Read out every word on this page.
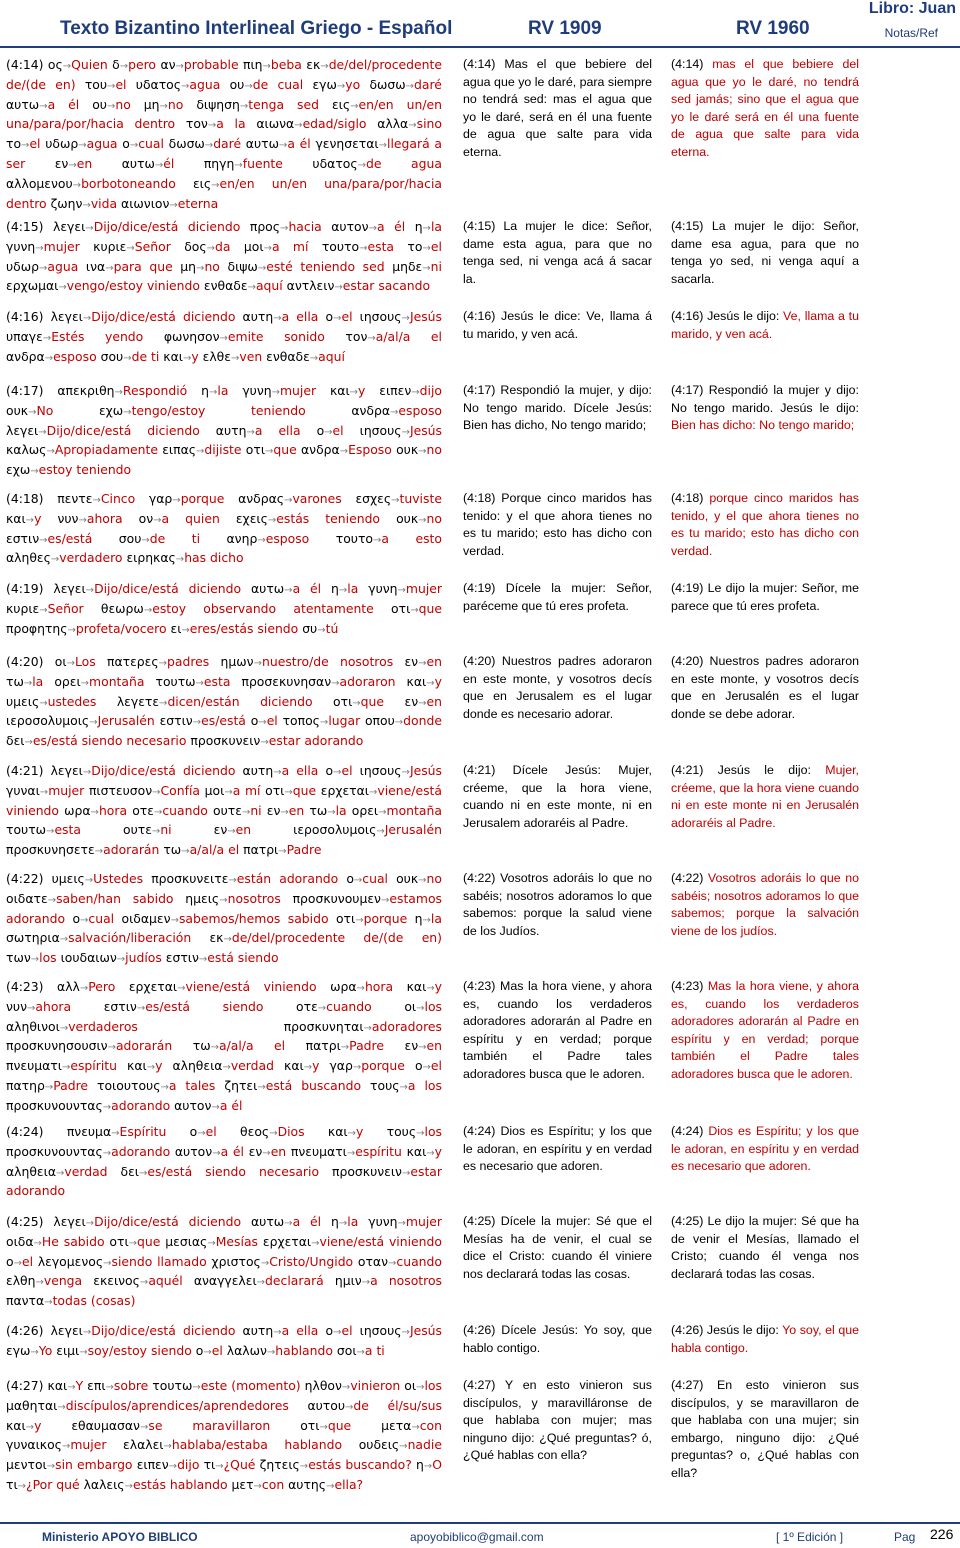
Texto Bizantino Interlineal Griego - Español	RV 1909	RV 1960
Libro: Juan
Notas/Ref
(4:14) ος→Quien δ→pero αν→probable πιη→beba εκ→de/del/procedente de/(de en) του→el υδατος→agua ου→de cual εγω→yo δωσω→daré αυτω→a él ου→no μη→no διψηση→tenga sed εις→en/en un/en una/para/por/hacia dentro τον→a la αιωνα→edad/siglo αλλα→sino το→el υδωρ→agua ο→cual δωσω→daré αυτω→a él γενησεται→llegará a ser εν→en αυτω→él πηγη→fuente υδατος→de agua αλλομενου→borbotoneando εις→en/en un/en una/para/por/hacia dentro ζωην→vida αιωνιον→eterna
(4:14) Mas el que bebiere del agua que yo le daré, para siempre no tendrá sed: mas el agua que yo le daré, será en él una fuente de agua que salte para vida eterna.
(4:14) mas el que bebiere del agua que yo le daré, no tendrá sed jamás; sino que el agua que yo le daré será en él una fuente de agua que salte para vida eterna.
(4:15) λεγει→Dijo/dice/está diciendo προς→hacia αυτον→a él η→la γυνη→mujer κυριε→Señor δος→da μοι→a mí τουτο→esta το→el υδωρ→agua ινα→para que μη→no διψω→esté teniendo sed μηδε→ni ερχωμαι→vengo/estoy viniendo ενθαδε→aquí αντλειν→estar sacando
(4:15) La mujer le dice: Señor, dame esta agua, para que no tenga sed, ni venga acá á sacar la.
(4:15) La mujer le dijo: Señor, dame esa agua, para que no tenga yo sed, ni venga aquí a sacarla.
(4:16) λεγει→Dijo/dice/está diciendo αυτη→a ella ο→el ιησους→Jesús υπαγε→Estés yendo φωνησον→emite sonido τον→a/al/a el ανδρα→esposo σου→de ti και→y ελθε→ven ενθαδε→aquí
(4:16) Jesús le dice: Ve, llama á tu marido, y ven acá.
(4:16) Jesús le dijo: Ve, llama a tu marido, y ven acá.
(4:17) απεκριθη→Respondió η→la γυνη→mujer και→y ειπεν→dijo ουκ→No	εχω→tengo/estoy teniendo	ανδρα→esposo λεγει→Dijo/dice/está diciendo αυτη→a ella ο→el ιησους→Jesús καλως→Apropiadamente ειπας→dijiste οτι→que ανδρα→Esposo ουκ→no εχω→estoy teniendo
(4:17) Respondió la mujer, y dijo: No tengo marido. Dícele Jesús: Bien has dicho, No tengo marido;
(4:17) Respondió la mujer y dijo: No tengo marido. Jesús le dijo: Bien has dicho: No tengo marido;
(4:18) πεντε→Cinco γαρ→porque ανδρας→varones εσχες→tuviste και→y νυν→ahora ον→a quien εχεις→estás teniendo ουκ→no εστιν→es/está σου→de ti ανηρ→esposo τουτο→a esto αληθες→verdadero ειρηκας→has dicho
(4:18) Porque cinco maridos has tenido: y el que ahora tienes no es tu marido; esto has dicho con verdad.
(4:18) porque cinco maridos has tenido, y el que ahora tienes no es tu marido; esto has dicho con verdad.
(4:19) λεγει→Dijo/dice/está diciendo αυτω→a él η→la γυνη→mujer κυριε→Señor θεωρω→estoy observando atentamente οτι→que προφητης→profeta/vocero ει→eres/estás siendo συ→tú
(4:19) Dícele la mujer: Señor, paréceme que tú eres profeta.
(4:19) Le dijo la mujer: Señor, me parece que tú eres profeta.
(4:20) οι→Los πατερες→padres ημων→nuestro/de nosotros εν→en τω→la ορει→montaña τουτω→esta προσεκυνησαν→adoraron και→y υμεις→ustedes λεγετε→dicen/están diciendo οτι→que εν→en ιεροσολυμοις→Jerusalén εστιν→es/está ο→el τοπος→lugar οπου→donde δει→es/está siendo necesario προσκυνειν→estar adorando
(4:20) Nuestros padres adoraron en este monte, y vosotros decís que en Jerusalem es el lugar donde es necesario adorar.
(4:20) Nuestros padres adoraron en este monte, y vosotros decís que en Jerusalén es el lugar donde se debe adorar.
(4:21) λεγει→Dijo/dice/está diciendo αυτη→a ella ο→el ιησους→Jesús γυναι→mujer πιστευσον→Confía μοι→a mí οτι→que ερχεται→viene/está viniendo ωρα→hora οτε→cuando ουτε→ni εν→en τω→la ορει→montaña τουτω→esta	ουτε→ni	εν→en	ιεροσολυμοις→Jerusalén προσκυνησετε→adorarán τω→a/al/a el πατρι→Padre
(4:21) Dícele Jesús: Mujer, créeme, que la hora viene, cuando ni en este monte, ni en Jerusalem adoraréis al Padre.
(4:21) Jesús le dijo: Mujer, créeme, que la hora viene cuando ni en este monte ni en Jerusalén adoraréis al Padre.
(4:22) υμεις→Ustedes προσκυνειτε→están adorando ο→cual ουκ→no οιδατε→saben/han sabido ημεις→nosotros προσκυνουμεν→estamos adorando ο→cual οιδαμεν→sabemos/hemos sabido οτι→porque η→la σωτηρια→salvación/liberación εκ→de/del/procedente de/(de en) των→los ιουδαιων→judíos εστιν→está siendo
(4:22) Vosotros adoráis lo que no sabéis; nosotros adoramos lo que sabemos: porque la salud viene de los Judíos.
(4:22) Vosotros adoráis lo que no sabéis; nosotros adoramos lo que sabemos; porque la salvación viene de los judíos.
(4:23) αλλ→Pero ερχεται→viene/está viniendo ωρα→hora και→y νυν→ahora	εστιν→es/está siendo	οτε→cuando	οι→los αληθινοι→verdaderos	προσκυνηται→adoradores προσκυνησουσιν→adorarán τω→a/al/a el πατρι→Padre εν→en πνευματι→espíritu και→y αληθεια→verdad και→y γαρ→porque ο→el πατηρ→Padre τοιουτους→a tales ζητει→está buscando τους→a los προσκυνουντας→adorando αυτον→a él
(4:23) Mas la hora viene, y ahora es, cuando los verdaderos adoradores adorarán al Padre en espíritu y en verdad; porque también el Padre tales adoradores busca que le adoren.
(4:23) Mas la hora viene, y ahora es, cuando los verdaderos adoradores adorarán al Padre en espíritu y en verdad; porque también el Padre tales adoradores busca que le adoren.
(4:24) πνευμα→Espíritu ο→el θεος→Dios και→y τους→los προσκυνουντας→adorando αυτον→a él εν→en πνευματι→espíritu και→y αληθεια→verdad δει→es/está siendo necesario προσκυνειν→estar adorando
(4:24) Dios es Espíritu; y los que le adoran, en espíritu y en verdad es necesario que adoren.
(4:24) Dios es Espíritu; y los que le adoran, en espíritu y en verdad es necesario que adoren.
(4:25) λεγει→Dijo/dice/está diciendo αυτω→a él η→la γυνη→mujer οιδα→He sabido οτι→que μεσιας→Mesías ερχεται→viene/está viniendo ο→el λεγομενος→siendo llamado χριστος→Cristo/Ungido οταν→cuando ελθη→venga εκεινος→aquél αναγγελει→declarará ημιν→a nosotros παντα→todas (cosas)
(4:25) Dícele la mujer: Sé que el Mesías ha de venir, el cual se dice el Cristo: cuando él viniere nos declarará todas las cosas.
(4:25) Le dijo la mujer: Sé que ha de venir el Mesías, llamado el Cristo; cuando él venga nos declarará todas las cosas.
(4:26) λεγει→Dijo/dice/está diciendo αυτη→a ella ο→el ιησους→Jesús εγω→Yo ειμι→soy/estoy siendo ο→el λαλων→hablando σοι→a ti
(4:26) Dícele Jesús: Yo soy, que hablo contigo.
(4:26) Jesús le dijo: Yo soy, el que habla contigo.
(4:27) και→Y επι→sobre τουτω→este (momento) ηλθον→vinieron οι→los μαθηται→discípulos/aprendices/aprendedores αυτου→de él/su/sus και→y εθαυμασαν→se maravillaron οτι→que μετα→con γυναικος→mujer ελαλει→hablaba/estaba hablando ουδεις→nadie μεντοι→sin embargo ειπεν→dijo τι→¿Qué ζητεις→estás buscando? η→O τι→¿Por qué λαλεις→estás hablando μετ→con αυτης→ella?
(4:27) Y en esto vinieron sus discípulos, y maravilláronse de que hablaba con mujer; mas ninguno dijo: ¿Qué preguntas? ó, ¿Qué hablas con ella?
(4:27) En esto vinieron sus discípulos, y se maravillaron de que hablaba con una mujer; sin embargo, ninguno dijo: ¿Qué preguntas? o, ¿Qué hablas con ella?
Ministerio APOYO BIBLICO	apoyobiblico@gmail.com	[ 1º Edición ]	Pag 226
